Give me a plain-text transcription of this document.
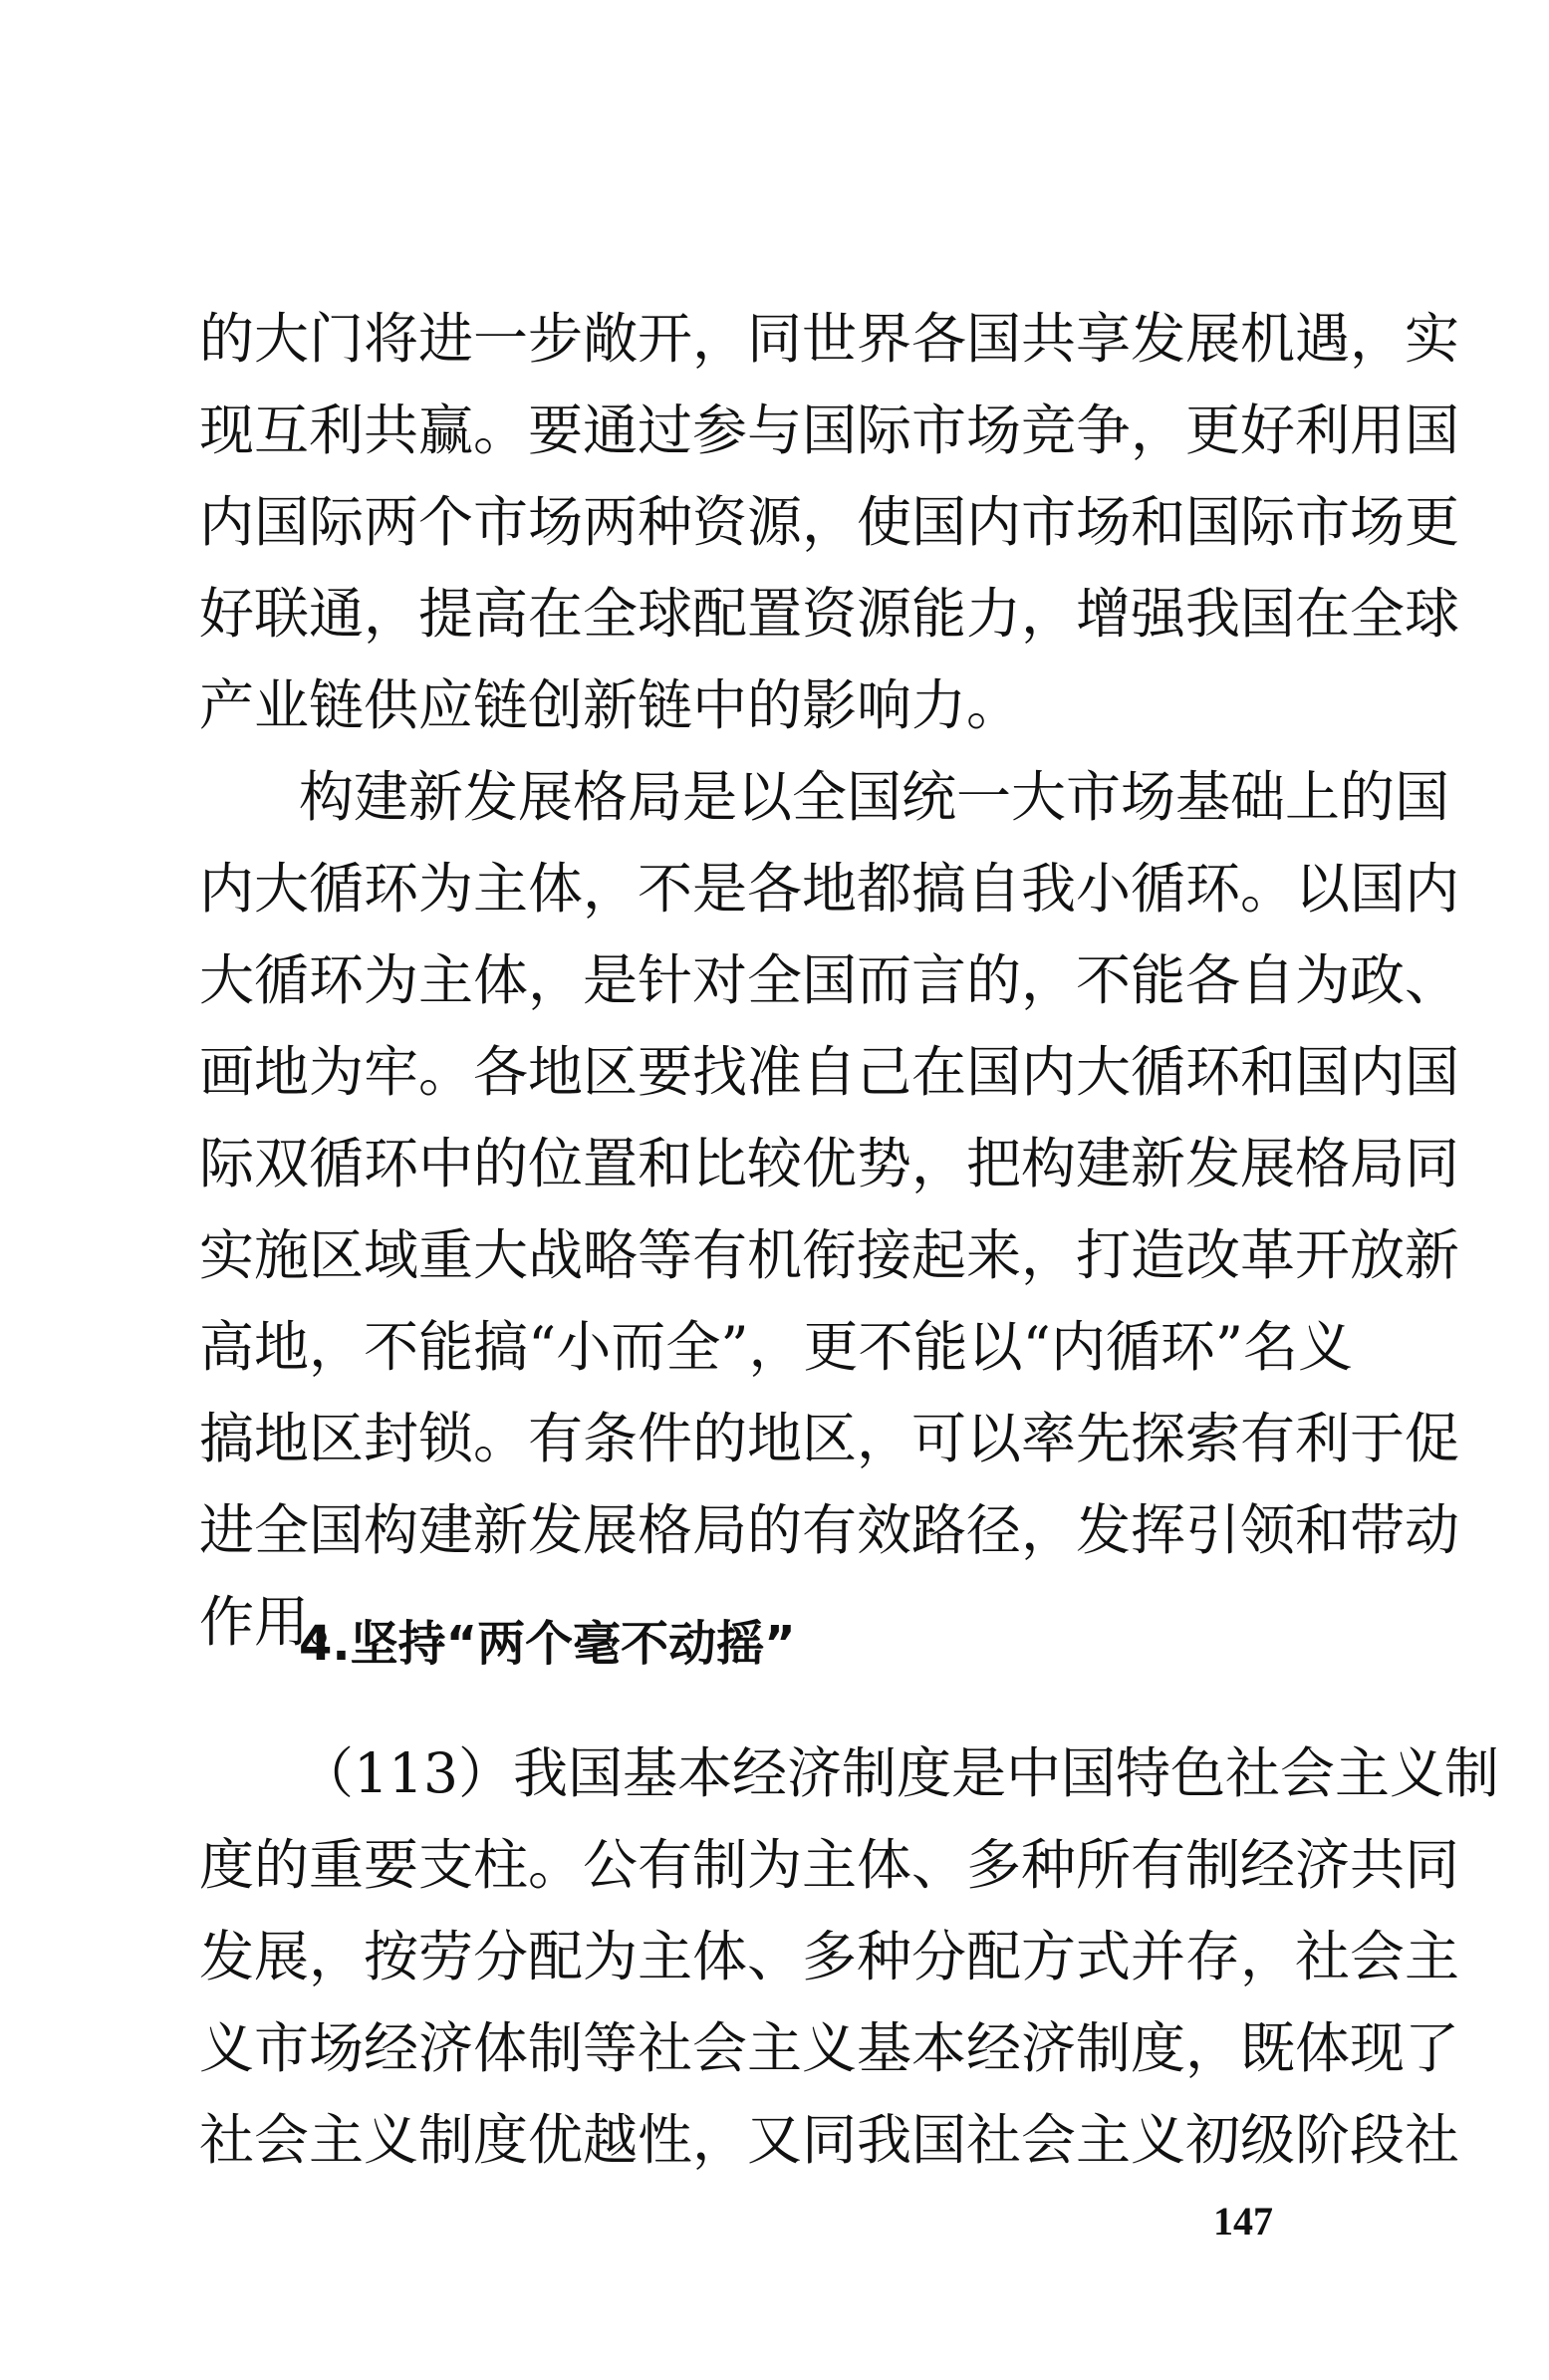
的大门将进一步敞开，同世界各国共享发展机遇，实
现互利共赢。要通过参与国际市场竞争，更好利用国
内国际两个市场两种资源，使国内市场和国际市场更
好联通，提高在全球配置资源能力，增强我国在全球
产业链供应链创新链中的影响力。
构建新发展格局是以全国统一大市场基础上的国
内大循环为主体，不是各地都搞自我小循环。以国内
大循环为主体，是针对全国而言的，不能各自为政、
画地为牢。各地区要找准自己在国内大循环和国内国
际双循环中的位置和比较优势，把构建新发展格局同
实施区域重大战略等有机衔接起来，打造改革开放新
高地，不能搞“小而全”，更不能以“内循环”名义
搞地区封锁。有条件的地区，可以率先探索有利于促
进全国构建新发展格局的有效路径，发挥引领和带动
作用。
4.坚持“两个毫不动摇”
（113）我国基本经济制度是中国特色社会主义制
度的重要支柱。公有制为主体、多种所有制经济共同
发展，按劳分配为主体、多种分配方式并存，社会主
义市场经济体制等社会主义基本经济制度，既体现了
社会主义制度优越性，又同我国社会主义初级阶段社
147
